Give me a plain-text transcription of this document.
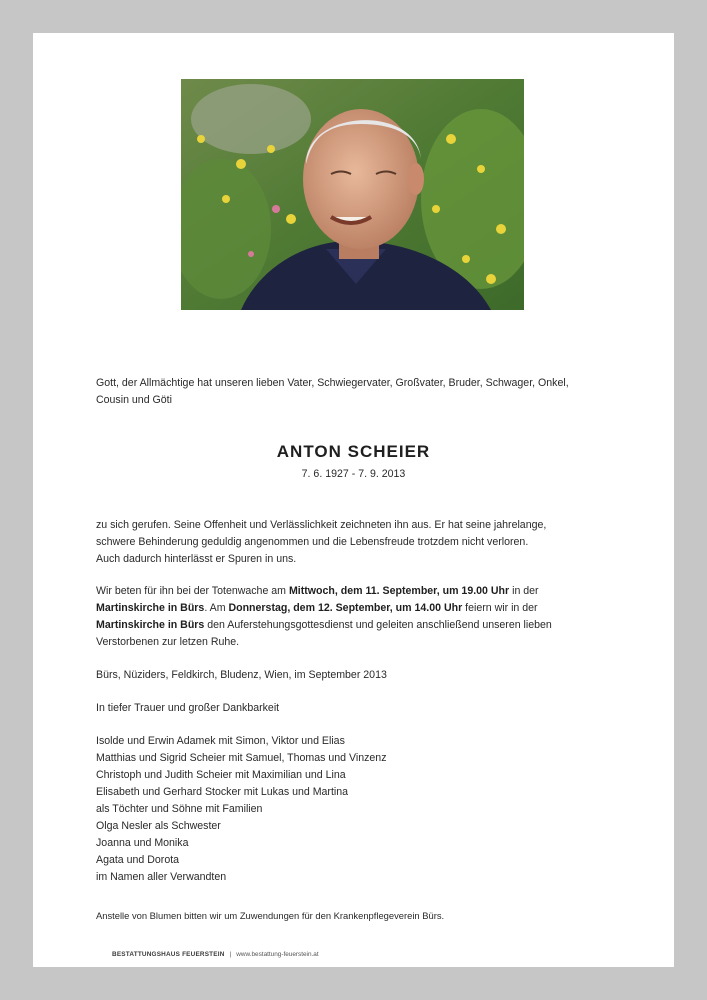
Gott, der Allmächtige hat unseren lieben Vater, Schwiegervater, Großvater, Bruder, Schwager, Onkel,
Cousin und Göti
ANTON SCHEIER
7. 6. 1927 - 7. 9. 2013
zu sich gerufen. Seine Offenheit und Verlässlichkeit zeichneten ihn aus. Er hat seine jahrelange,
schwere Behinderung geduldig angenommen und die Lebensfreude trotzdem nicht verloren.
Auch dadurch hinterlässt er Spuren in uns.
Wir beten für ihn bei der Totenwache am Mittwoch, dem 11. September, um 19.00 Uhr in der
Martinskirche in Bürs. Am Donnerstag, dem 12. September, um 14.00 Uhr feiern wir in der
Martinskirche in Bürs den Auferstehungsgottesdienst und geleiten anschließend unseren lieben
Verstorbenen zur letzen Ruhe.
Bürs, Nüziders, Feldkirch, Bludenz, Wien, im September 2013
In tiefer Trauer und großer Dankbarkeit
Isolde und Erwin Adamek mit Simon, Viktor und Elias
Matthias und Sigrid Scheier mit Samuel, Thomas und Vinzenz
Christoph und Judith Scheier mit Maximilian und Lina
Elisabeth und Gerhard Stocker mit Lukas und Martina
als Töchter und Söhne mit Familien
Olga Nesler als Schwester
Joanna und Monika
Agata und Dorota
im Namen aller Verwandten
Anstelle von Blumen bitten wir um Zuwendungen für den Krankenpflegeverein Bürs.
BESTATTUNGSHAUS FEUERSTEIN | www.bestattung-feuerstein.at
